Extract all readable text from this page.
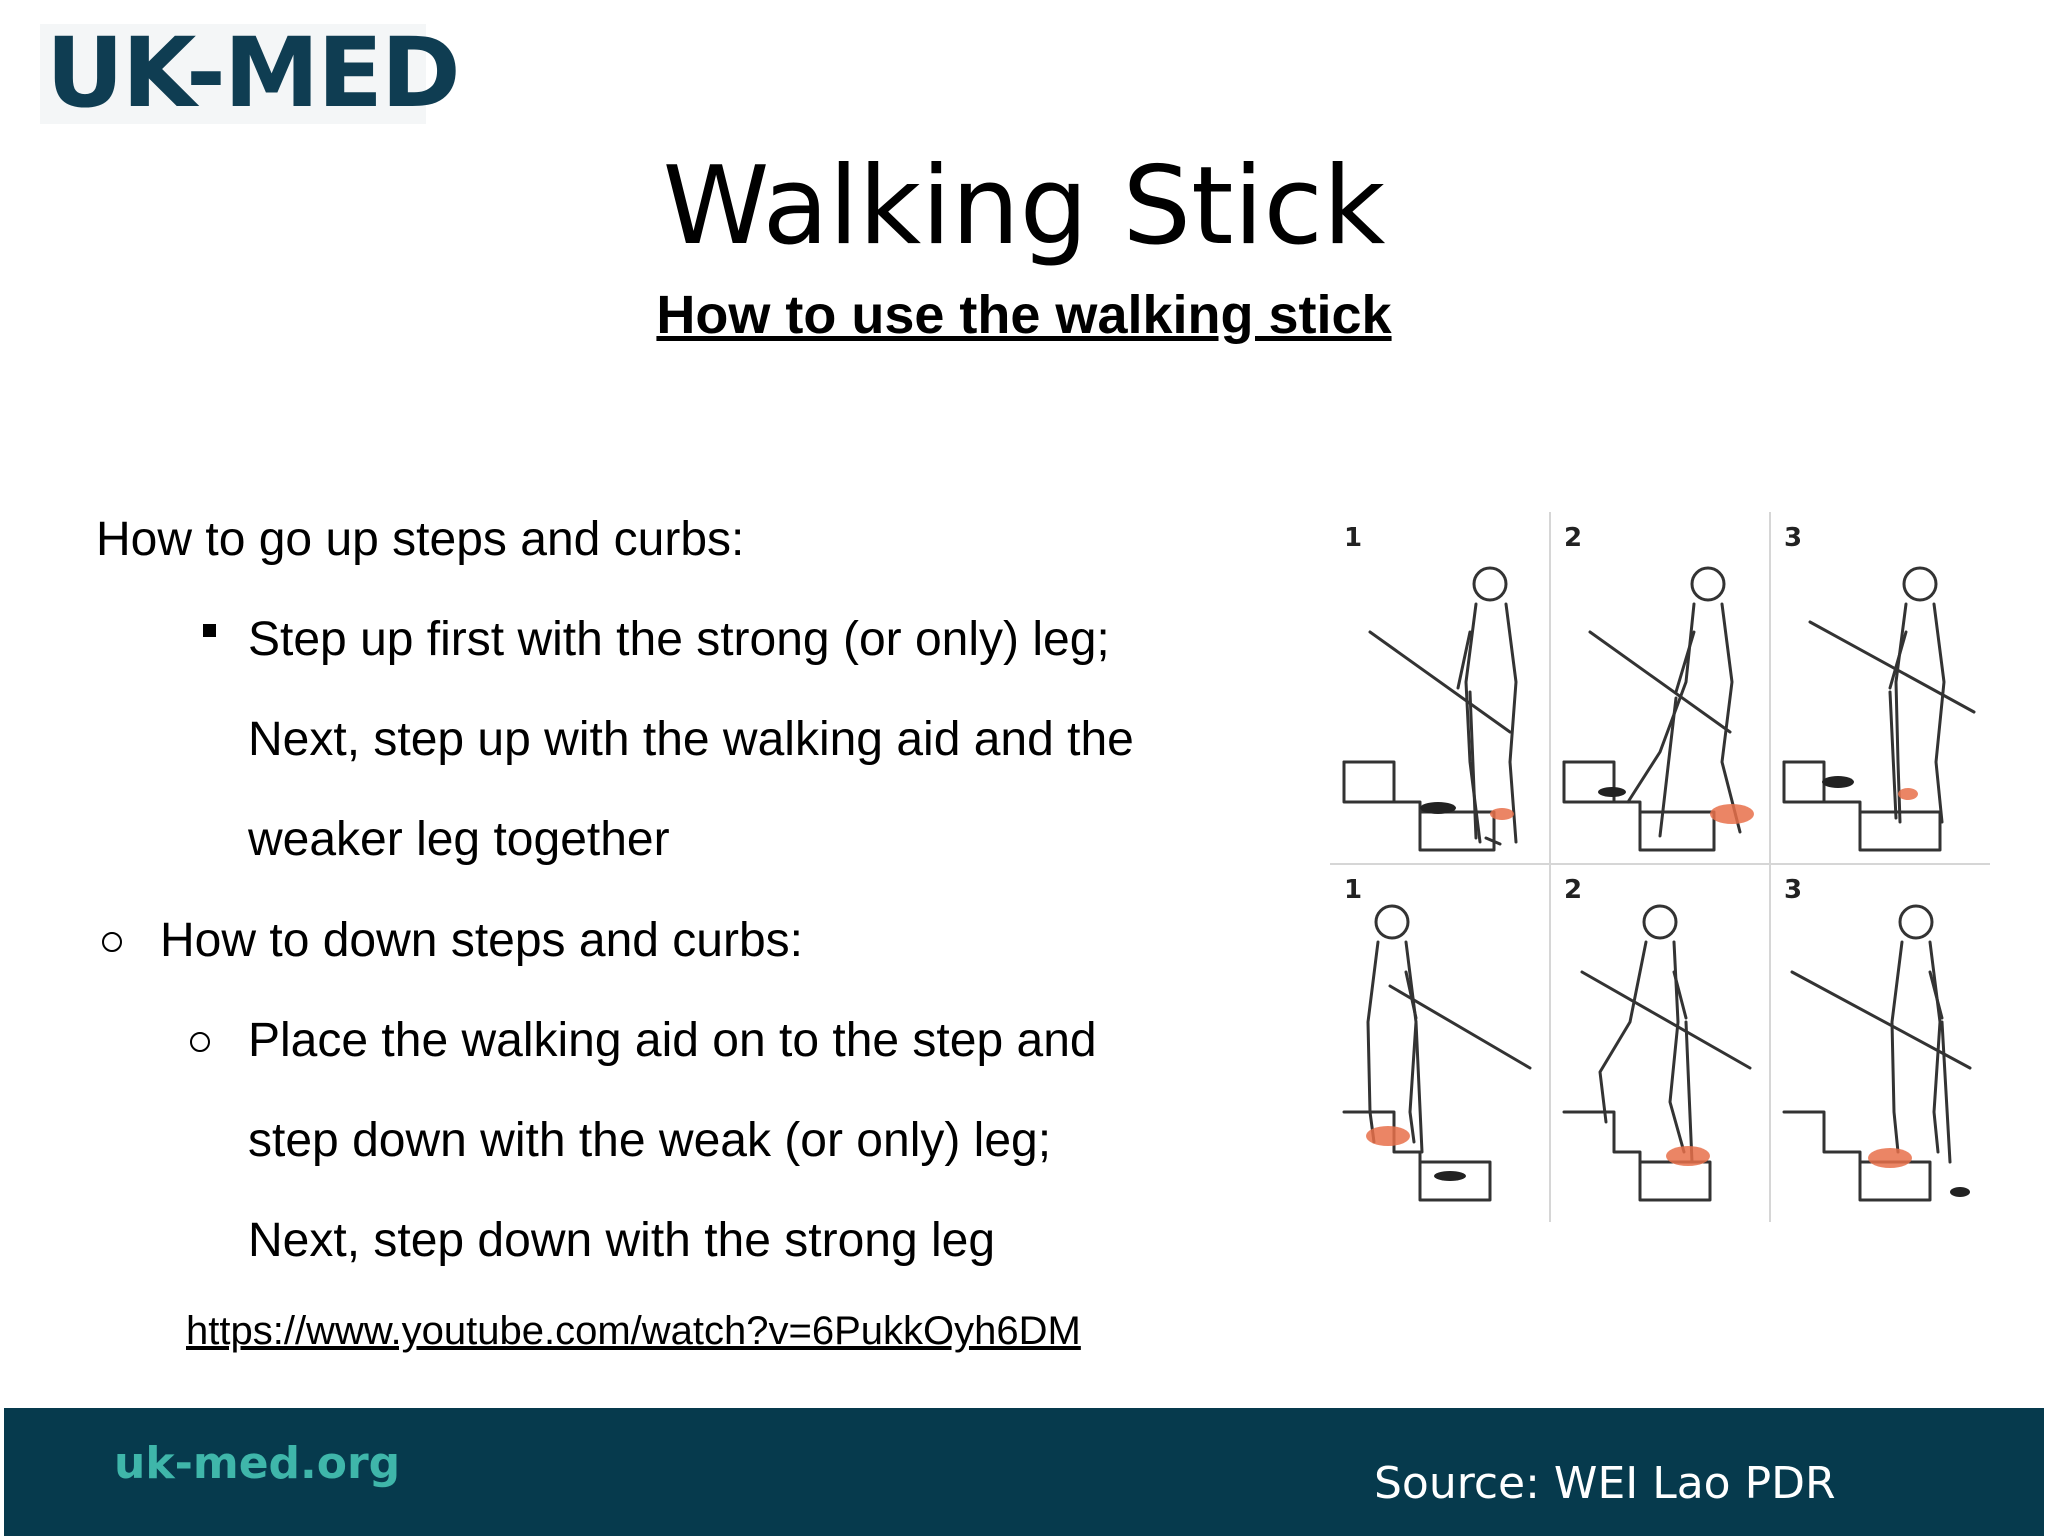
UK-MED
Walking Stick
How to use the walking stick
How to go up steps and curbs:
Step up first with the strong (or only) leg;
Next, step up with the walking aid and the
weaker leg together
How to down steps and curbs:
Place the walking aid on to the step and
step down with the weak (or only) leg;
Next, step down with the strong leg
https://www.youtube.com/watch?v=6PukkOyh6DM
1	2	3
1	2	3
uk-med.org	Source: WEI Lao PDR
